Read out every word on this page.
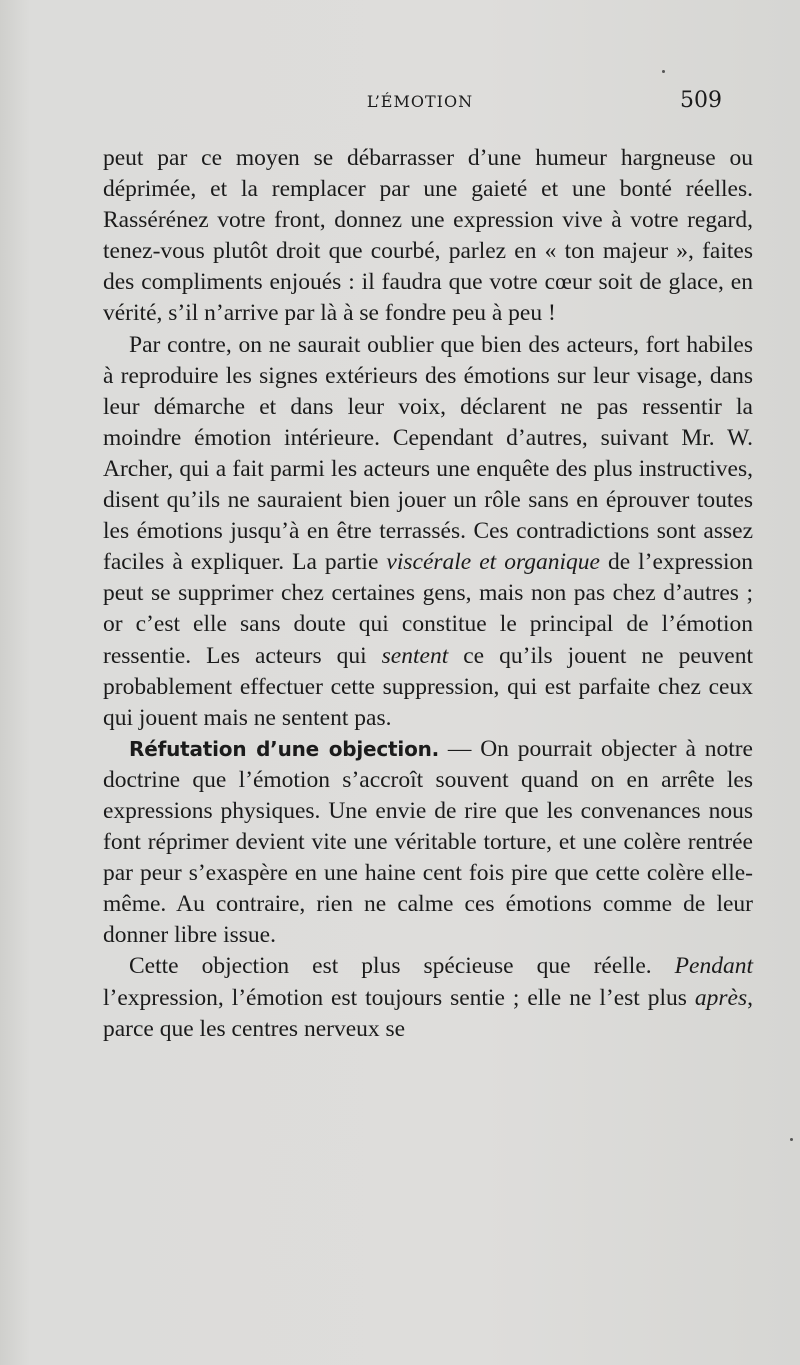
L’ÉMOTION	509

peut par ce moyen se débarrasser d’une humeur hargneuse ou déprimée, et la remplacer par une gaieté et une bonté réelles. Rassérénez votre front, donnez une expression vive à votre regard, tenez-vous plutôt droit que courbé, parlez en « ton majeur », faites des compliments enjoués : il faudra que votre cœur soit de glace, en vérité, s’il n’arrive par là à se fondre peu à peu !

Par contre, on ne saurait oublier que bien des acteurs, fort habiles à reproduire les signes extérieurs des émotions sur leur visage, dans leur démarche et dans leur voix, déclarent ne pas ressentir la moindre émotion intérieure. Cependant d’autres, suivant Mr. W. Archer, qui a fait parmi les acteurs une enquête des plus instructives, disent qu’ils ne sauraient bien jouer un rôle sans en éprouver toutes les émotions jusqu’à en être terrassés. Ces contradictions sont assez faciles à expliquer. La partie viscérale et organique de l’expression peut se supprimer chez certaines gens, mais non pas chez d’autres ; or c’est elle sans doute qui constitue le principal de l’émotion ressentie. Les acteurs qui sentent ce qu’ils jouent ne peuvent probablement effectuer cette suppression, qui est parfaite chez ceux qui jouent mais ne sentent pas.

Réfutation d’une objection. — On pourrait objecter à notre doctrine que l’émotion s’accroît souvent quand on en arrête les expressions physiques. Une envie de rire que les convenances nous font réprimer devient vite une véritable torture, et une colère rentrée par peur s’exaspère en une haine cent fois pire que cette colère elle-même. Au contraire, rien ne calme ces émotions comme de leur donner libre issue.

Cette objection est plus spécieuse que réelle. Pendant l’expression, l’émotion est toujours sentie ; elle ne l’est plus après, parce que les centres nerveux se
